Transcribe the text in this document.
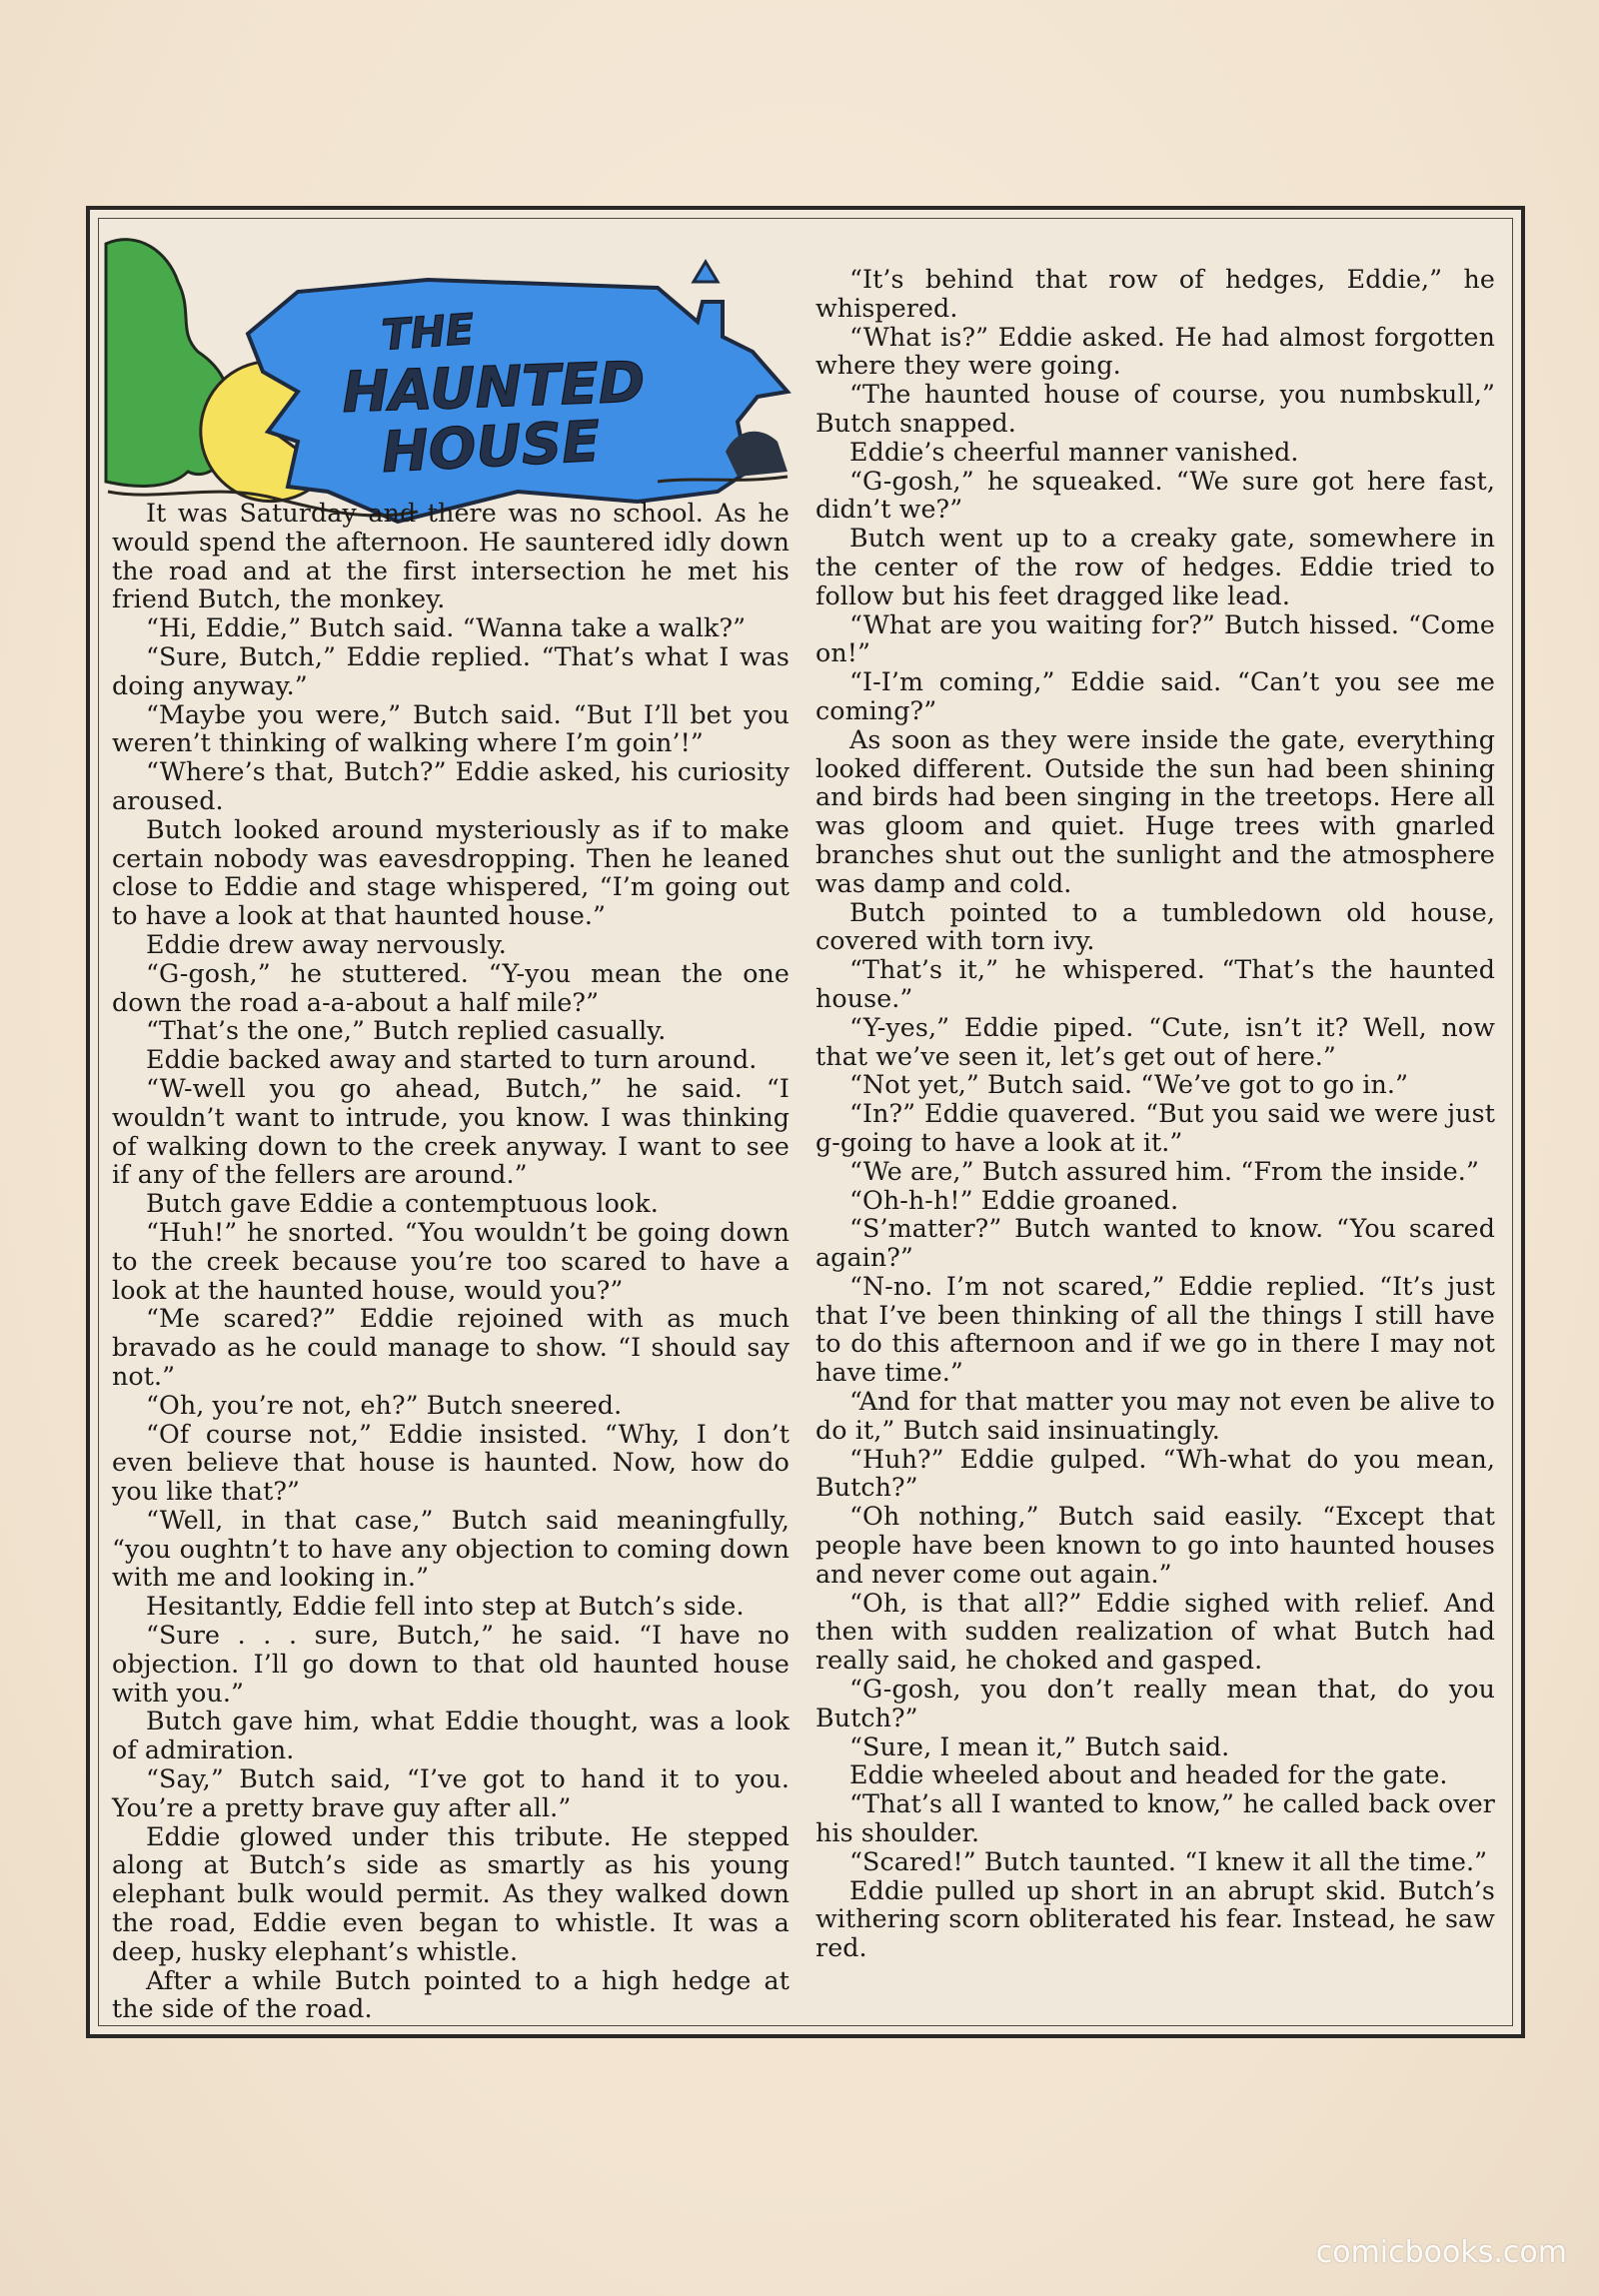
THE
HAUNTED
HOUSE

It was Saturday and there was no school. As he would spend the afternoon. He sauntered idly down the road and at the first intersection he met his friend Butch, the monkey.

“Hi, Eddie,” Butch said. “Wanna take a walk?”

“Sure, Butch,” Eddie replied. “That’s what I was doing anyway.”

“Maybe you were,” Butch said. “But I’ll bet you weren’t thinking of walking where I’m goin’!”

“Where’s that, Butch?” Eddie asked, his curiosity aroused.

Butch looked around mysteriously as if to make certain nobody was eavesdropping. Then he leaned close to Eddie and stage whispered, “I’m going out to have a look at that haunted house.”

Eddie drew away nervously.

“G-gosh,” he stuttered. “Y-you mean the one down the road a-a-about a half mile?”

“That’s the one,” Butch replied casually.

Eddie backed away and started to turn around.

“W-well you go ahead, Butch,” he said. “I wouldn’t want to intrude, you know. I was thinking of walking down to the creek anyway. I want to see if any of the fellers are around.”

Butch gave Eddie a contemptuous look.

“Huh!” he snorted. “You wouldn’t be going down to the creek because you’re too scared to have a look at the haunted house, would you?”

“Me scared?” Eddie rejoined with as much bravado as he could manage to show. “I should say not.”

“Oh, you’re not, eh?” Butch sneered.

“Of course not,” Eddie insisted. “Why, I don’t even believe that house is haunted. Now, how do you like that?”

“Well, in that case,” Butch said meaningfully, “you oughtn’t to have any objection to coming down with me and looking in.”

Hesitantly, Eddie fell into step at Butch’s side.

“Sure . . . sure, Butch,” he said. “I have no objection. I’ll go down to that old haunted house with you.”

Butch gave him, what Eddie thought, was a look of admiration.

“Say,” Butch said, “I’ve got to hand it to you. You’re a pretty brave guy after all.”

Eddie glowed under this tribute. He stepped along at Butch’s side as smartly as his young elephant bulk would permit. As they walked down the road, Eddie even began to whistle. It was a deep, husky elephant’s whistle.

After a while Butch pointed to a high hedge at the side of the road.

“It’s behind that row of hedges, Eddie,” he whispered.

“What is?” Eddie asked. He had almost forgotten where they were going.

“The haunted house of course, you numbskull,” Butch snapped.

Eddie’s cheerful manner vanished.

“G-gosh,” he squeaked. “We sure got here fast, didn’t we?”

Butch went up to a creaky gate, somewhere in the center of the row of hedges. Eddie tried to follow but his feet dragged like lead.

“What are you waiting for?” Butch hissed. “Come on!”

“I-I’m coming,” Eddie said. “Can’t you see me coming?”

As soon as they were inside the gate, everything looked different. Outside the sun had been shining and birds had been singing in the treetops. Here all was gloom and quiet. Huge trees with gnarled branches shut out the sunlight and the atmosphere was damp and cold.

Butch pointed to a tumbledown old house, covered with torn ivy.

“That’s it,” he whispered. “That’s the haunted house.”

“Y-yes,” Eddie piped. “Cute, isn’t it? Well, now that we’ve seen it, let’s get out of here.”

“Not yet,” Butch said. “We’ve got to go in.”

“In?” Eddie quavered. “But you said we were just g-going to have a look at it.”

“We are,” Butch assured him. “From the inside.”

“Oh-h-h!” Eddie groaned.

“S’matter?” Butch wanted to know. “You scared again?”

“N-no. I’m not scared,” Eddie replied. “It’s just that I’ve been thinking of all the things I still have to do this afternoon and if we go in there I may not have time.”

“And for that matter you may not even be alive to do it,” Butch said insinuatingly.

“Huh?” Eddie gulped. “Wh-what do you mean, Butch?”

“Oh nothing,” Butch said easily. “Except that people have been known to go into haunted houses and never come out again.”

“Oh, is that all?” Eddie sighed with relief. And then with sudden realization of what Butch had really said, he choked and gasped.

“G-gosh, you don’t really mean that, do you Butch?”

“Sure, I mean it,” Butch said.

Eddie wheeled about and headed for the gate.

“That’s all I wanted to know,” he called back over his shoulder.

“Scared!” Butch taunted. “I knew it all the time.”

Eddie pulled up short in an abrupt skid. Butch’s withering scorn obliterated his fear. Instead, he saw red.

comicbooks.com
